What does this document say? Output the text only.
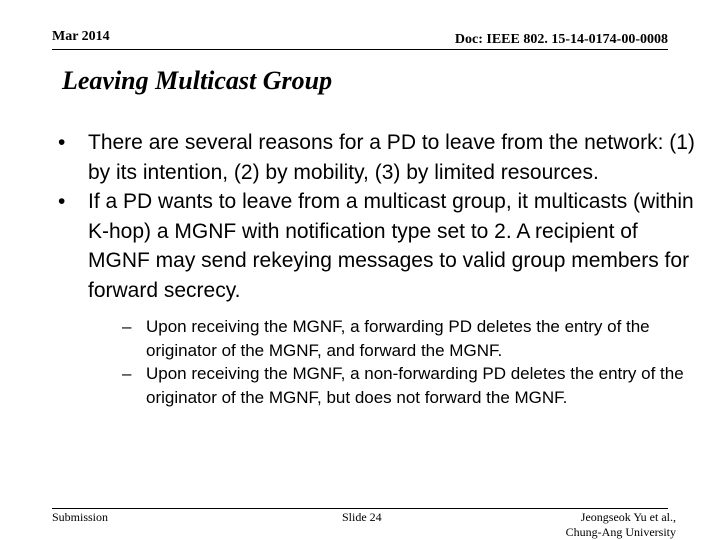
Mar 2014	Doc: IEEE 802. 15-14-0174-00-0008
Leaving Multicast Group
• There are several reasons for a PD to leave from the network: (1) by its intention, (2) by mobility, (3) by limited resources.
• If a PD wants to leave from a multicast group, it multicasts (within K-hop) a MGNF with notification type set to 2. A recipient of MGNF may send rekeying messages to valid group members for forward secrecy.
– Upon receiving the MGNF, a forwarding PD deletes the entry of the originator of the MGNF, and forward the MGNF.
– Upon receiving the MGNF, a non-forwarding PD deletes the entry of the originator of the MGNF, but does not forward the MGNF.
Submission	Slide 24	Jeongseok Yu et al.,
Chung-Ang University
